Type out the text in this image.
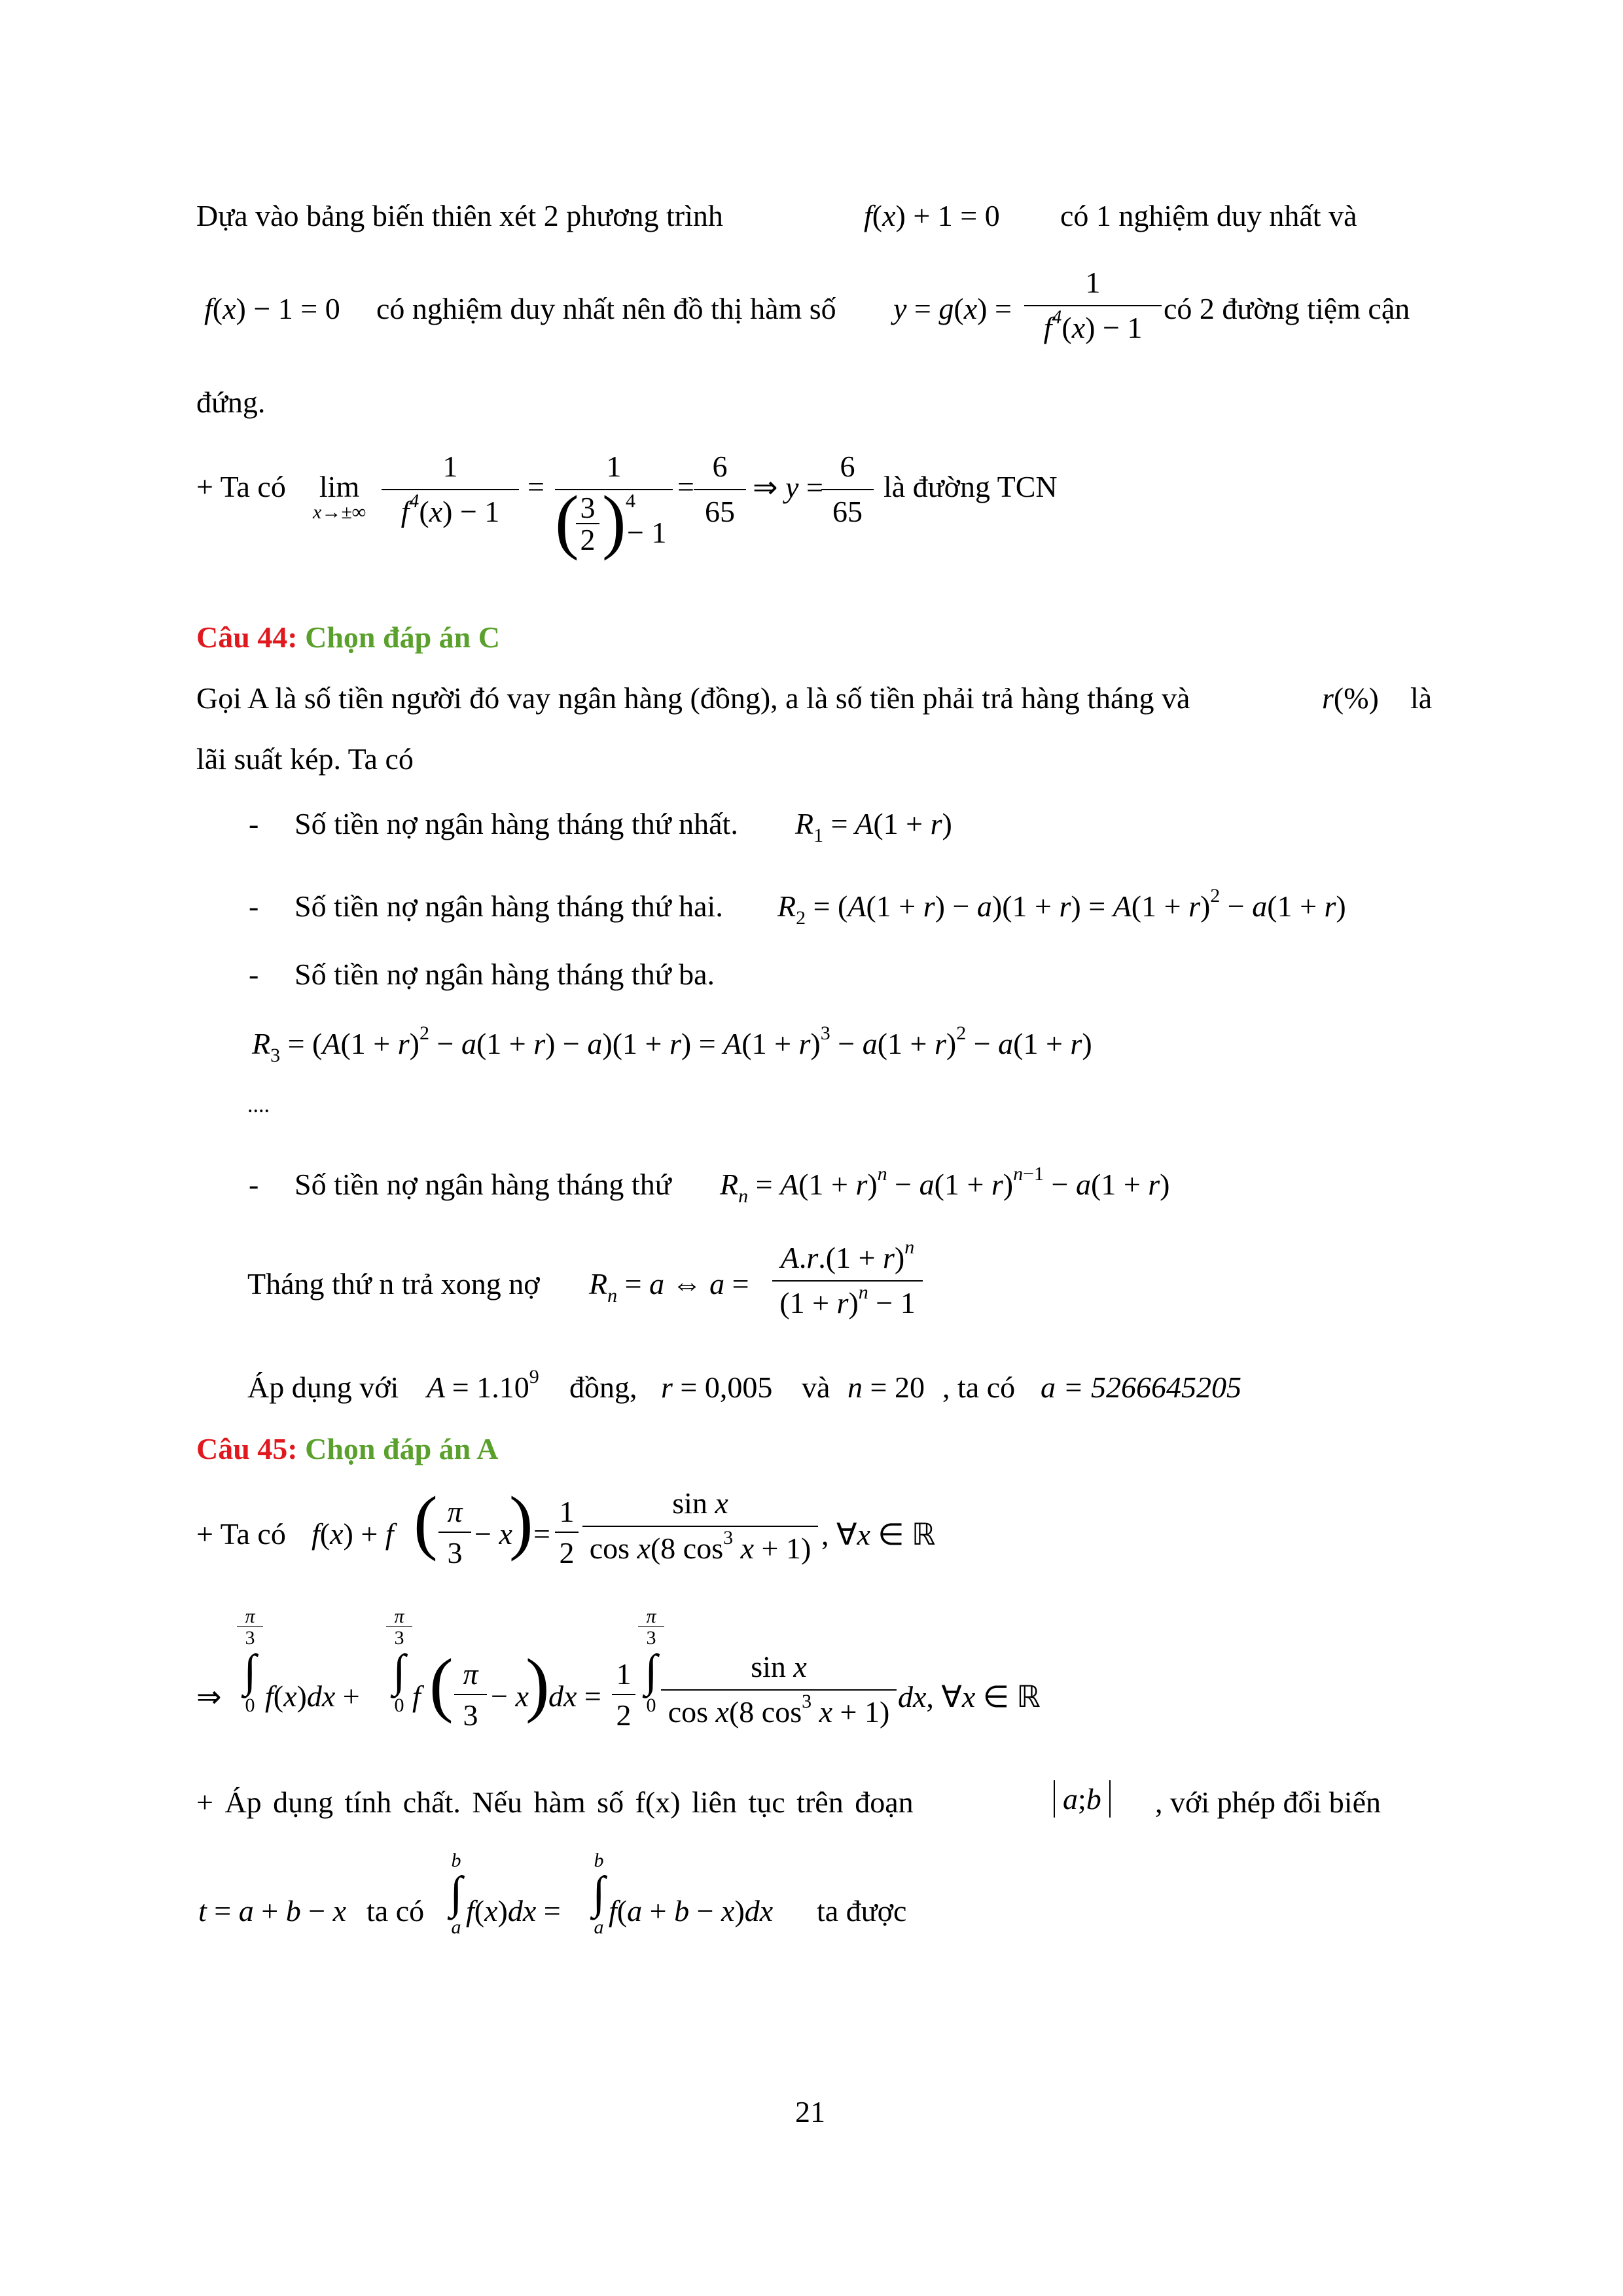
Dựa vào bảng biến thiên xét 2 phương trình	f(x) + 1 = 0 có 1 nghiệm duy nhất và
f(x) − 1 = 0 có nghiệm duy nhất nên đồ thị hàm số y = g(x) =
1
$f^4(x) - 1$
có 2 đường tiệm cận
đứng.
+ Ta có lim
x→±∞
1
$f^4(x) - 1$
=
1
( 3
2 ) 4
− 1
=
6
65
⇒ y =
6
65
là đường TCN
Câu 44: Chọn đáp án C
Gọi A là số tiền người đó vay ngân hàng (đồng), a là số tiền phải trả hàng tháng và	r(%) là
lãi suất kép. Ta có
- Số tiền nợ ngân hàng tháng thứ nhất. $R_1 = A(1 + r)$
- Số tiền nợ ngân hàng tháng thứ hai. $R_2 = (A(1 + r) - a)(1 + r) = A(1 + r)^2 - a(1 + r)$
- Số tiền nợ ngân hàng tháng thứ ba.
$R_3 = (A(1 + r)^2 - a(1 + r) - a)(1 + r) = A(1 + r)^3 - a(1 + r)^2 - a(1 + r)$
....
- Số tiền nợ ngân hàng tháng thứ $R_n = A(1 + r)^n - a(1 + r)^{n-1} - a(1 + r)$
Tháng thứ n trả xong nợ $R_n = a$ ⇔ a =
$A.r.(1 + r)^n$
$(1 + r)^n - 1$
Áp dụng với $A = 1.10^9$ đồng, r = 0,005 và n = 20 , ta có a = 5266645205
Câu 45: Chọn đáp án A
+ Ta có f(x) + f ( π
3
− x
) =
1
2
sin x
cos x(8 $\cos^3 x + 1$) , ∀x ∈ ℝ
⇒
π
3
∫
0 f(x)dx +
π
3
∫
0 f ( π
3
− x
)
dx =
1
2
π
3
∫
0
sin x
cos x(8 $\cos^3 x + 1$) dx, ∀x ∈ ℝ
+ Áp dụng tính chất. Nếu hàm số f(x) liên tục trên đoạn	a;b	, với phép đổi biến
t = a + b − x ta có
b
∫
a f(x)dx =
b
∫
a f(a + b − x)dx ta được
21
